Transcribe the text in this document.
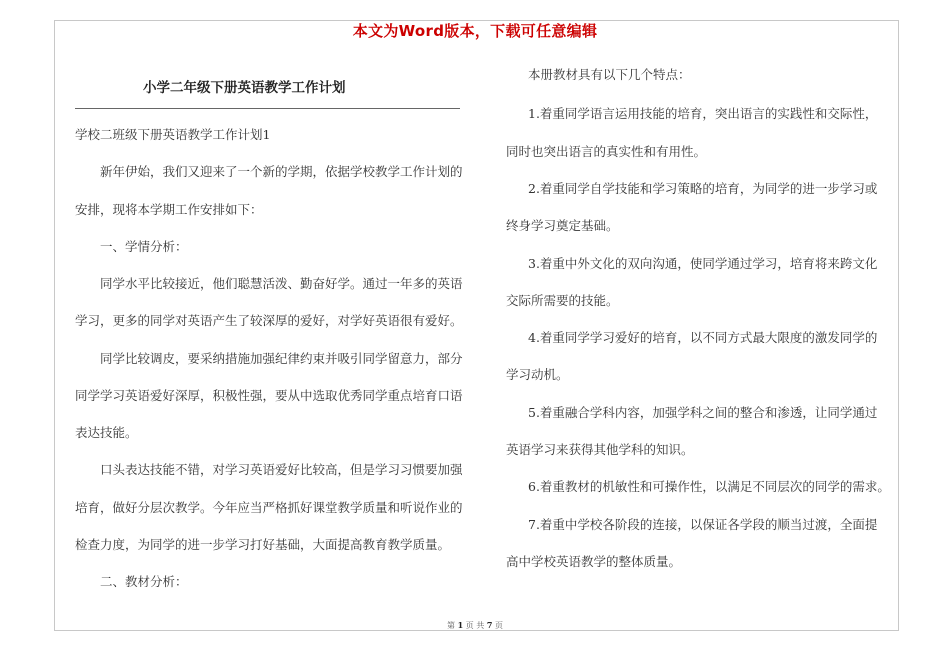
本文为Word版本，下载可任意编辑
小学二年级下册英语教学工作计划
学校二班级下册英语教学工作计划1
新年伊始，我们又迎来了一个新的学期，依据学校教学工作计划的
安排，现将本学期工作安排如下：
一、学情分析：
同学水平比较接近，他们聪慧活泼、勤奋好学。通过一年多的英语
学习，更多的同学对英语产生了较深厚的爱好，对学好英语很有爱好。
同学比较调皮，要采纳措施加强纪律约束并吸引同学留意力，部分
同学学习英语爱好深厚，积极性强，要从中选取优秀同学重点培育口语
表达技能。
口头表达技能不错，对学习英语爱好比较高，但是学习习惯要加强
培育，做好分层次教学。今年应当严格抓好课堂教学质量和听说作业的
检查力度，为同学的进一步学习打好基础，大面提高教育教学质量。
二、教材分析：
本册教材具有以下几个特点：
1.着重同学语言运用技能的培育，突出语言的实践性和交际性，
同时也突出语言的真实性和有用性。
2.着重同学自学技能和学习策略的培育，为同学的进一步学习或
终身学习奠定基础。
3.着重中外文化的双向沟通，使同学通过学习，培育将来跨文化
交际所需要的技能。
4.着重同学学习爱好的培育，以不同方式最大限度的激发同学的
学习动机。
5.着重融合学科内容，加强学科之间的整合和渗透，让同学通过
英语学习来获得其他学科的知识。
6.着重教材的机敏性和可操作性，以满足不同层次的同学的需求。
7.着重中学校各阶段的连接，以保证各学段的顺当过渡，全面提
高中学校英语教学的整体质量。
第 1 页 共 7 页
